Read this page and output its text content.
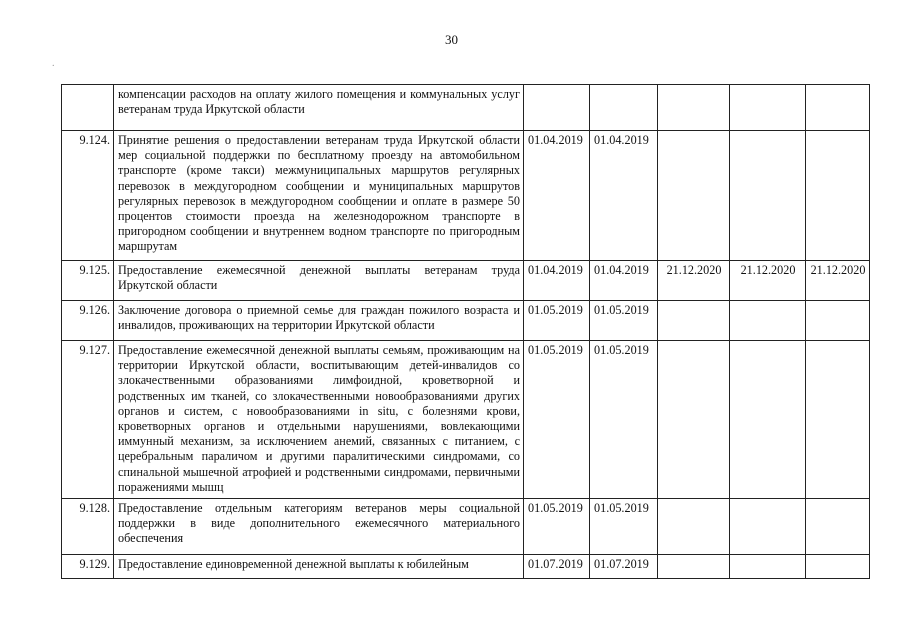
30
.
	компенсации расходов на оплату жилого помещения и коммунальных услуг ветеранам труда Иркутской области					
9.124.	Принятие решения о предоставлении ветеранам труда Иркутской области мер социальной поддержки по бесплатному проезду на автомобильном транспорте (кроме такси) межмуниципальных маршрутов регулярных перевозок в междугородном сообщении и муниципальных маршрутов регулярных перевозок в междугородном сообщении и оплате в размере 50 процентов стоимости проезда на железнодорожном транспорте в пригородном сообщении и внутреннем водном транспорте по пригородным маршрутам	01.04.2019	01.04.2019			
9.125.	Предоставление ежемесячной денежной выплаты ветеранам труда Иркутской области	01.04.2019	01.04.2019	21.12.2020	21.12.2020	21.12.2020
9.126.	Заключение договора о приемной семье для граждан пожилого возраста и инвалидов, проживающих на территории Иркутской области	01.05.2019	01.05.2019			
9.127.	Предоставление ежемесячной денежной выплаты семьям, проживающим на территории Иркутской области, воспитывающим детей-инвалидов со злокачественными образованиями лимфоидной, кроветворной и родственных им тканей, со злокачественными новообразованиями других органов и систем, с новообразованиями in situ, с болезнями крови, кроветворных органов и отдельными нарушениями, вовлекающими иммунный механизм, за исключением анемий, связанных с питанием, с церебральным параличом и другими паралитическими синдромами, со спинальной мышечной атрофией и родственными синдромами, первичными поражениями мышц	01.05.2019	01.05.2019			
9.128.	Предоставление отдельным категориям ветеранов меры социальной поддержки в виде дополнительного ежемесячного материального обеспечения	01.05.2019	01.05.2019			
9.129.	Предоставление единовременной денежной выплаты к юбилейным	01.07.2019	01.07.2019			
